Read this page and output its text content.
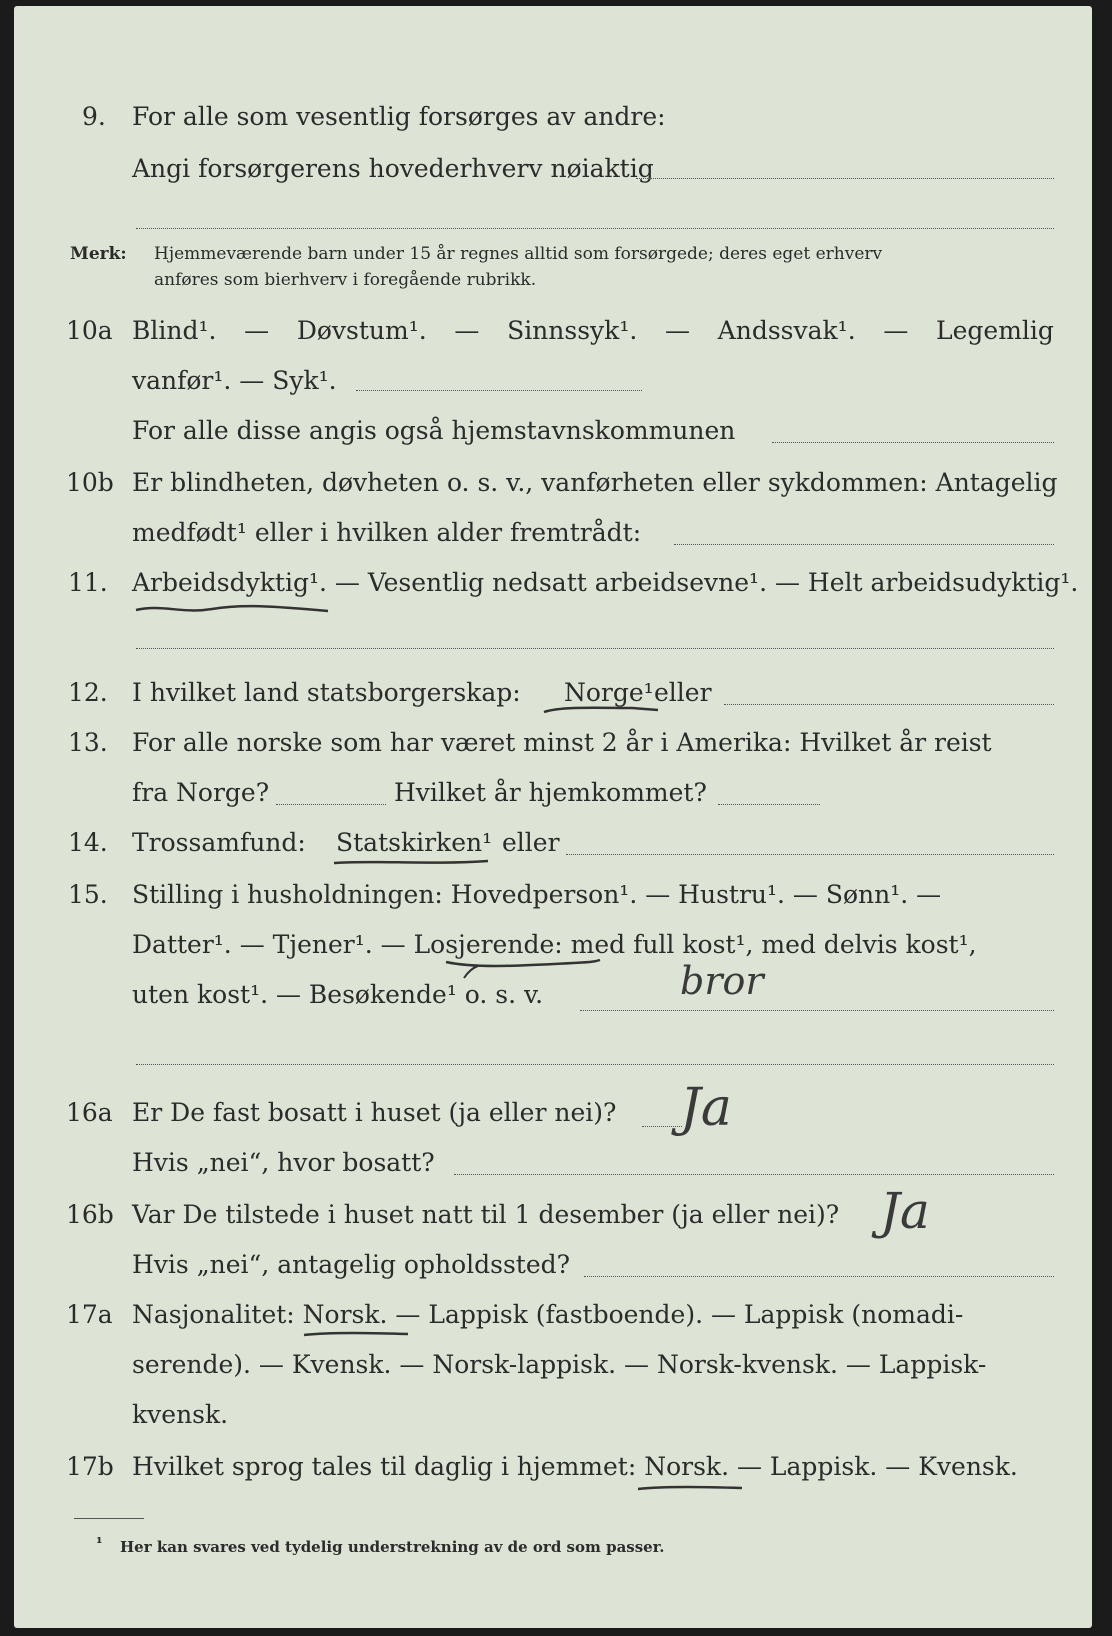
9. For alle som vesentlig forsørges av andre:
Angi forsørgerens hovederhverv nøiaktig
Merk: Hjemmeværende barn under 15 år regnes alltid som forsørgede; deres eget erhverv
anføres som bierhverv i foregående rubrikk.
10a Blind¹. — Døvstum¹. — Sinnssyk¹. — Andssvak¹. — Legemlig
vanfør¹. — Syk¹.
For alle disse angis også hjemstavnskommunen
10b Er blindheten, døvheten o. s. v., vanførheten eller sykdommen: Antagelig
medfødt¹ eller i hvilken alder fremtrådt:
11. Arbeidsdyktig¹. — Vesentlig nedsatt arbeidsevne¹. — Helt arbeidsudyktig¹.
12. I hvilket land statsborgerskap: Norge¹ eller
13. For alle norske som har været minst 2 år i Amerika: Hvilket år reist
fra Norge?	Hvilket år hjemkommet?
14. Trossamfund: Statskirken¹ eller
15. Stilling i husholdningen: Hovedperson¹. — Hustru¹. — Sønn¹. —
Datter¹. — Tjener¹. — Losjerende: med full kost¹, med delvis kost¹,
uten kost¹. — Besøkende¹ o. s. v.	bror
16a Er De fast bosatt i huset (ja eller nei)? Ja
Hvis „nei“, hvor bosatt?
16b Var De tilstede i huset natt til 1 desember (ja eller nei)? Ja
Hvis „nei“, antagelig opholdssted?
17a Nasjonalitet: Norsk. — Lappisk (fastboende). — Lappisk (nomadi-
serende). — Kvensk. — Norsk-lappisk. — Norsk-kvensk. — Lappisk-
kvensk.
17b Hvilket sprog tales til daglig i hjemmet: Norsk. — Lappisk. — Kvensk.
¹ Her kan svares ved tydelig understrekning av de ord som passer.
